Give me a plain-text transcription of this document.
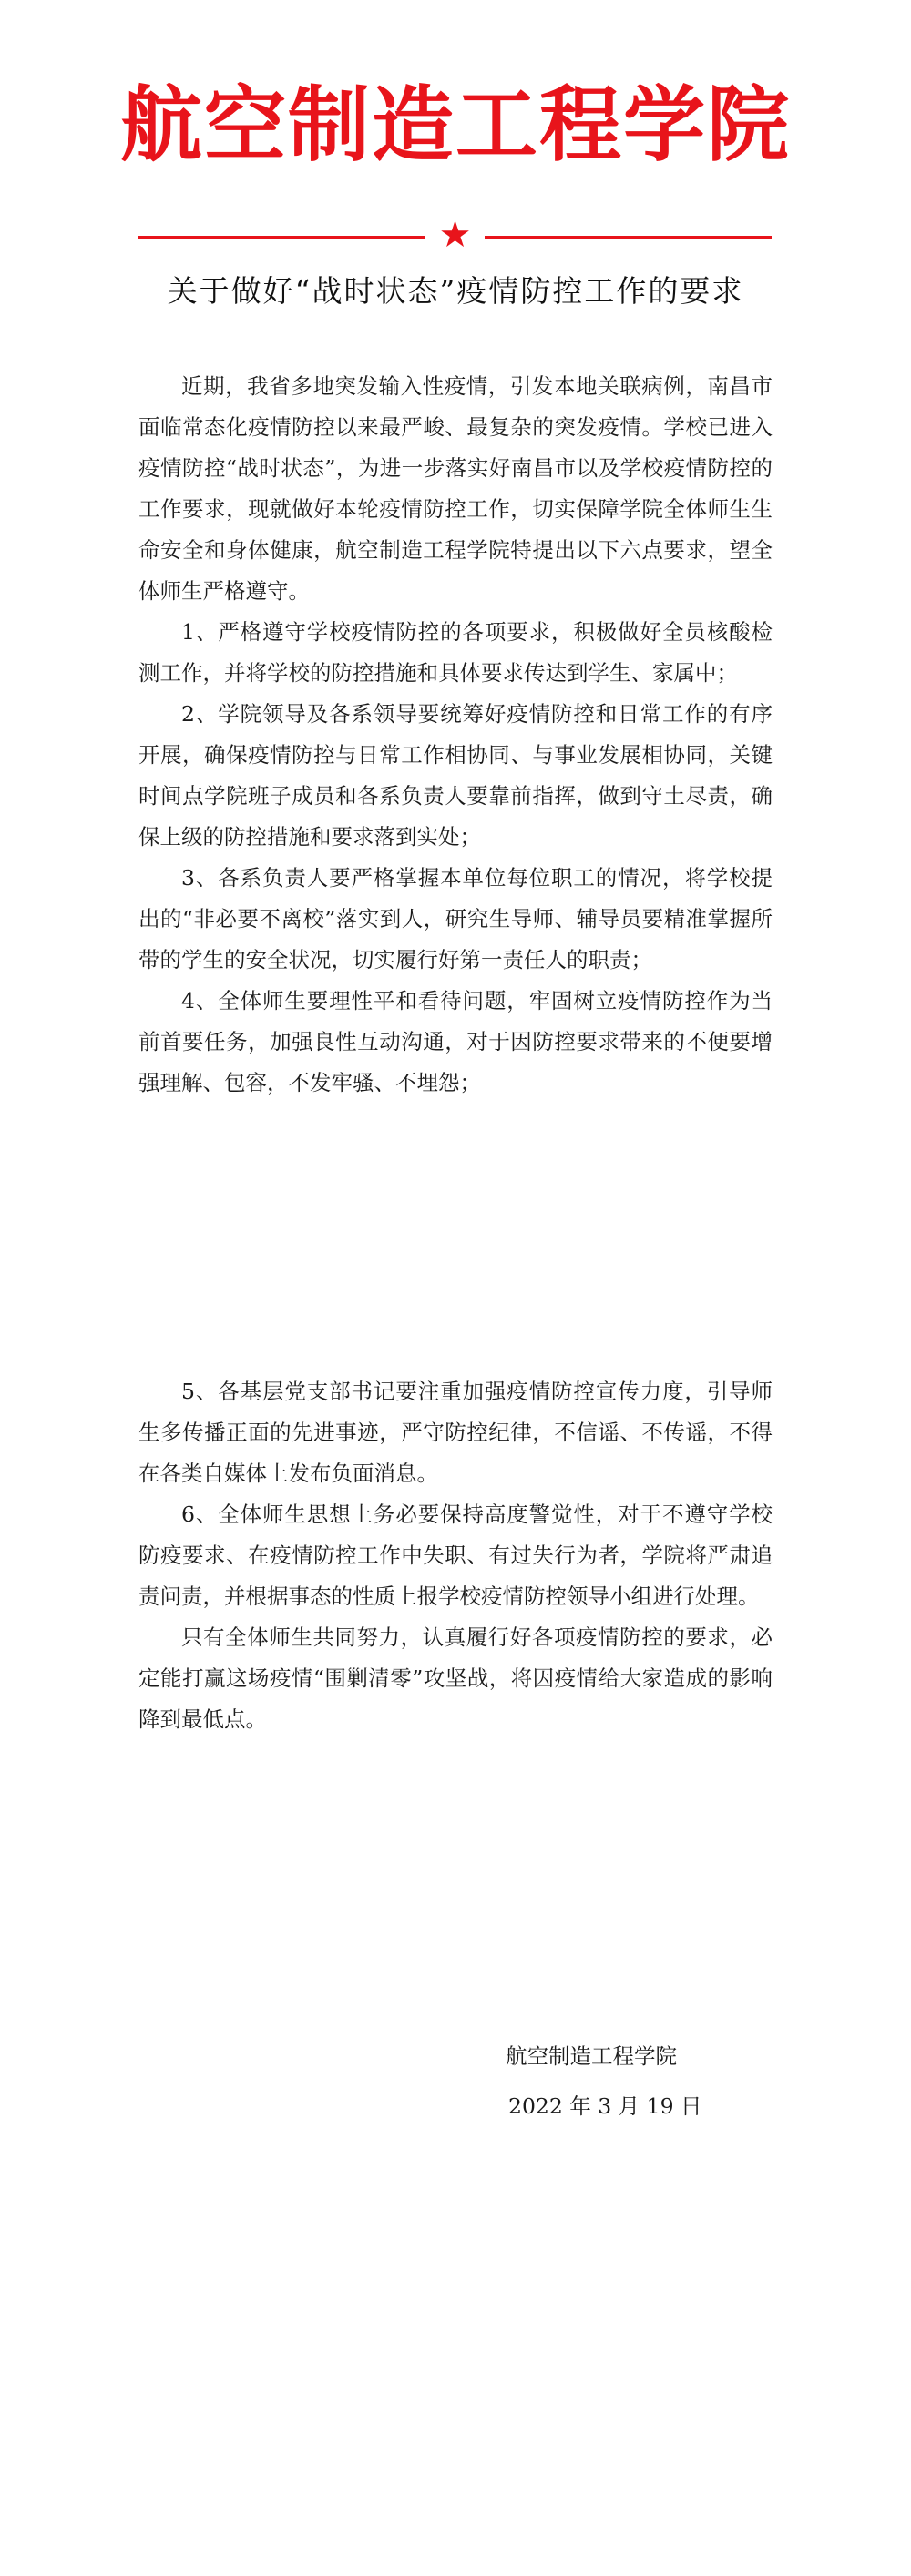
航空制造工程学院
★
关于做好“战时状态”疫情防控工作的要求

近期，我省多地突发输入性疫情，引发本地关联病例，南昌市面临常态化疫情防控以来最严峻、最复杂的突发疫情。学校已进入疫情防控“战时状态”，为进一步落实好南昌市以及学校疫情防控的工作要求，现就做好本轮疫情防控工作，切实保障学院全体师生生命安全和身体健康，航空制造工程学院特提出以下六点要求，望全体师生严格遵守。

1、严格遵守学校疫情防控的各项要求，积极做好全员核酸检测工作，并将学校的防控措施和具体要求传达到学生、家属中；

2、学院领导及各系领导要统筹好疫情防控和日常工作的有序开展，确保疫情防控与日常工作相协同、与事业发展相协同，关键时间点学院班子成员和各系负责人要靠前指挥，做到守土尽责，确保上级的防控措施和要求落到实处；

3、各系负责人要严格掌握本单位每位职工的情况，将学校提出的“非必要不离校”落实到人，研究生导师、辅导员要精准掌握所带的学生的安全状况，切实履行好第一责任人的职责；

4、全体师生要理性平和看待问题，牢固树立疫情防控作为当前首要任务，加强良性互动沟通，对于因防控要求带来的不便要增强理解、包容，不发牢骚、不埋怨；

5、各基层党支部书记要注重加强疫情防控宣传力度，引导师生多传播正面的先进事迹，严守防控纪律，不信谣、不传谣，不得在各类自媒体上发布负面消息。

6、全体师生思想上务必要保持高度警觉性，对于不遵守学校防疫要求、在疫情防控工作中失职、有过失行为者，学院将严肃追责问责，并根据事态的性质上报学校疫情防控领导小组进行处理。

只有全体师生共同努力，认真履行好各项疫情防控的要求，必定能打赢这场疫情“围剿清零”攻坚战，将因疫情给大家造成的影响降到最低点。

航空制造工程学院
2022 年 3 月 19 日
